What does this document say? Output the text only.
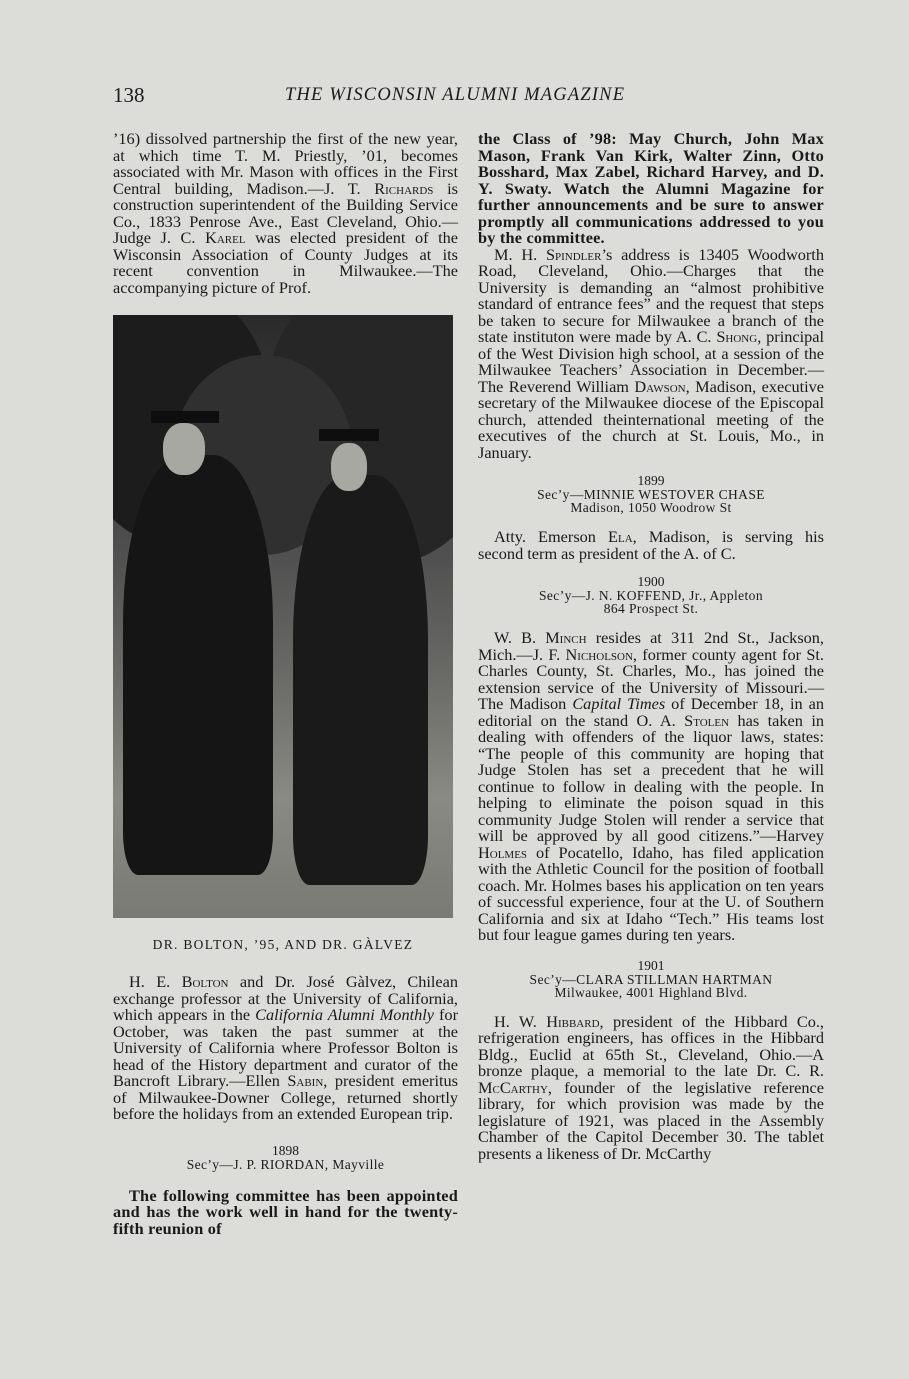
138	THE WISCONSIN ALUMNI MAGAZINE

’16) dissolved partnership the first of the new year, at which time T. M. Priestly, ’01, becomes associated with Mr. Mason with offices in the First Central building, Madison.—J. T. Richards is construction superintendent of the Building Service Co., 1833 Penrose Ave., East Cleveland, Ohio.—Judge J. C. Karel was elected president of the Wisconsin Association of County Judges at its recent convention in Milwaukee.—The accompanying picture of Prof.

DR. BOLTON, ’95, AND DR. GÀLVEZ

H. E. Bolton and Dr. José Gàlvez, Chilean exchange professor at the University of California, which appears in the California Alumni Monthly for October, was taken the past summer at the University of California where Professor Bolton is head of the History department and curator of the Bancroft Library.—Ellen Sabin, president emeritus of Milwaukee-Downer College, returned shortly before the holidays from an extended European trip.

1898
Sec’y—J. P. RIORDAN, Mayville

The following committee has been appointed and has the work well in hand for the twenty-fifth reunion of

the Class of ’98: May Church, John Max Mason, Frank Van Kirk, Walter Zinn, Otto Bosshard, Max Zabel, Richard Harvey, and D. Y. Swaty. Watch the Alumni Magazine for further announcements and be sure to answer promptly all communications addressed to you by the committee.

M. H. Spindler’s address is 13405 Woodworth Road, Cleveland, Ohio.—Charges that the University is demanding an “almost prohibitive standard of entrance fees” and the request that steps be taken to secure for Milwaukee a branch of the state instituton were made by A. C. Shong, principal of the West Division high school, at a session of the Milwaukee Teachers’ Association in December.—The Reverend William Dawson, Madison, executive secretary of the Milwaukee diocese of the Episcopal church, attended theinternational meeting of the executives of the church at St. Louis, Mo., in January.

1899
Sec’y—MINNIE WESTOVER CHASE
Madison, 1050 Woodrow St

Atty. Emerson Ela, Madison, is serving his second term as president of the A. of C.

1900
Sec’y—J. N. KOFFEND, Jr., Appleton
864 Prospect St.

W. B. Minch resides at 311 2nd St., Jackson, Mich.—J. F. Nicholson, former county agent for St. Charles County, St. Charles, Mo., has joined the extension service of the University of Missouri.—The Madison Capital Times of December 18, in an editorial on the stand O. A. Stolen has taken in dealing with offenders of the liquor laws, states: “The people of this community are hoping that Judge Stolen has set a precedent that he will continue to follow in dealing with the people. In helping to eliminate the poison squad in this community Judge Stolen will render a service that will be approved by all good citizens.”—Harvey Holmes of Pocatello, Idaho, has filed application with the Athletic Council for the position of football coach. Mr. Holmes bases his application on ten years of successful experience, four at the U. of Southern California and six at Idaho “Tech.” His teams lost but four league games during ten years.

1901
Sec’y—CLARA STILLMAN HARTMAN
Milwaukee, 4001 Highland Blvd.

H. W. Hibbard, president of the Hibbard Co., refrigeration engineers, has offices in the Hibbard Bldg., Euclid at 65th St., Cleveland, Ohio.—A bronze plaque, a memorial to the late Dr. C. R. McCarthy, founder of the legislative reference library, for which provision was made by the legislature of 1921, was placed in the Assembly Chamber of the Capitol December 30. The tablet presents a likeness of Dr. McCarthy
